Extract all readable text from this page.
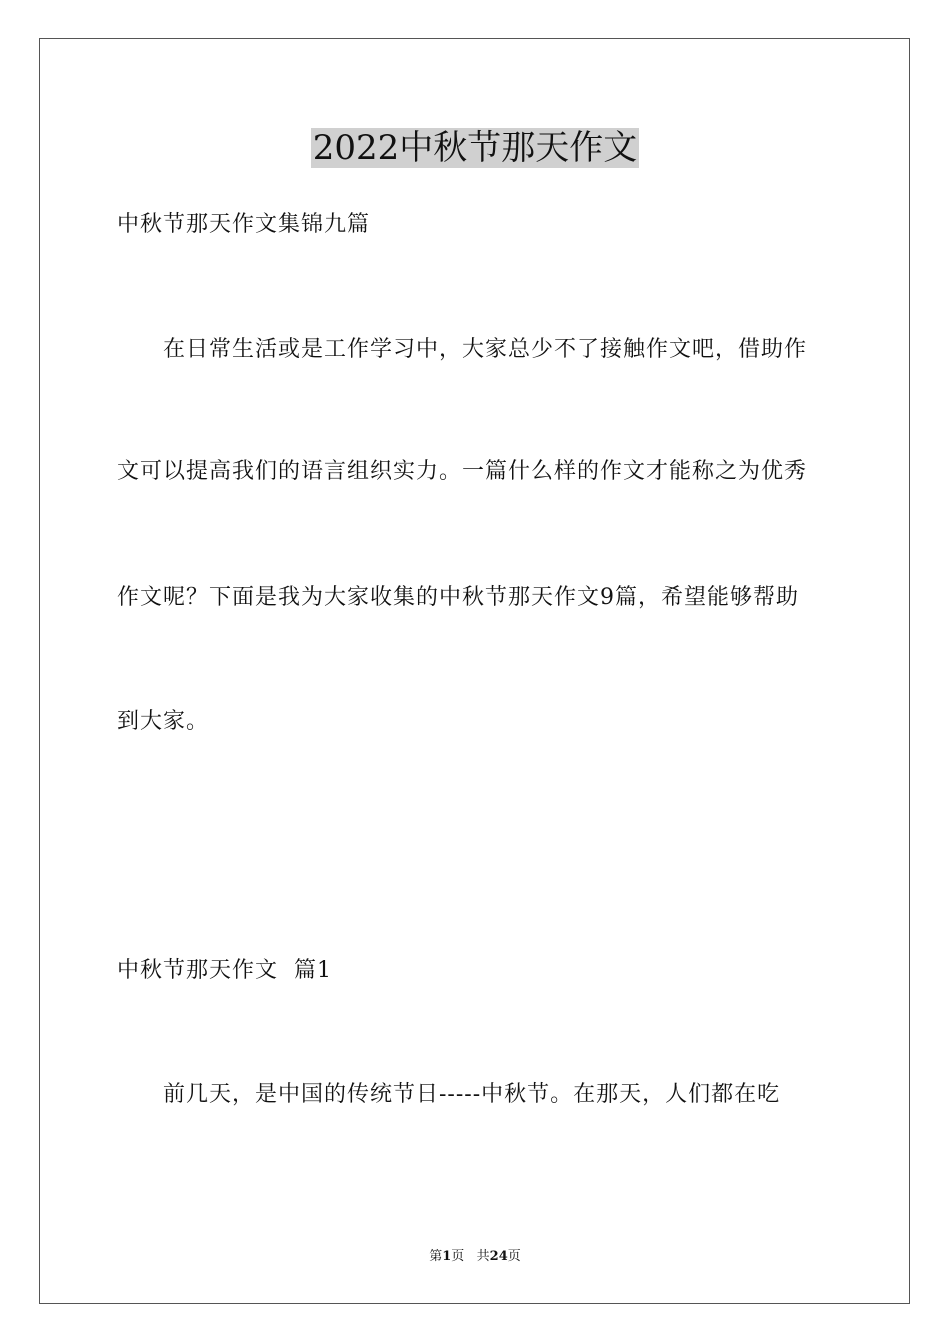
2022中秋节那天作文
中秋节那天作文集锦九篇
在日常生活或是工作学习中，大家总少不了接触作文吧，借助作
文可以提高我们的语言组织实力。一篇什么样的作文才能称之为优秀
作文呢？下面是我为大家收集的中秋节那天作文9篇，希望能够帮助
到大家。
中秋节那天作文  篇1
前几天，是中国的传统节日-----中秋节。在那天，人们都在吃
第1页   共24页
